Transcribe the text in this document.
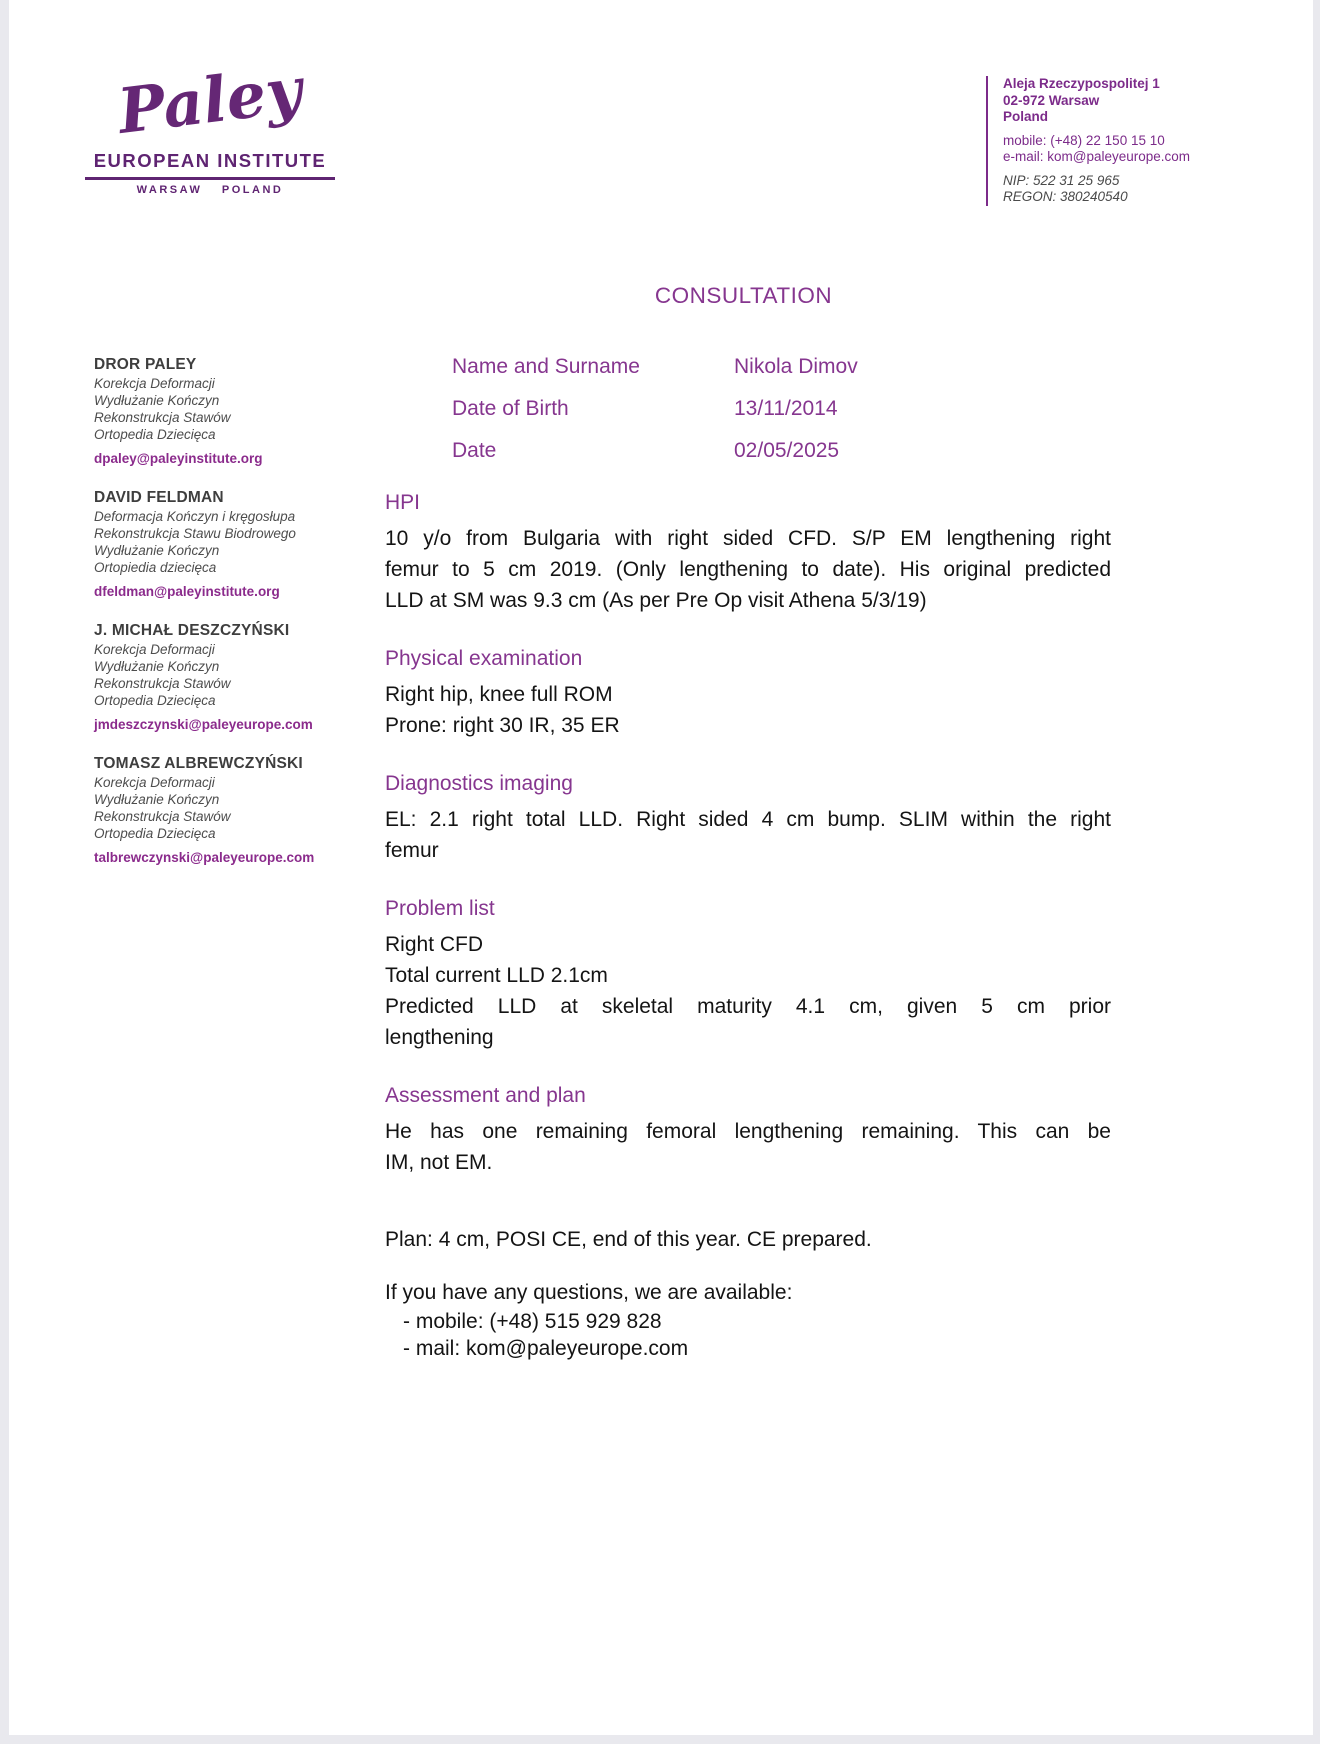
Paley
EUROPEAN INSTITUTE
WARSAW POLAND
Aleja Rzeczypospolitej 1
02-972 Warsaw
Poland
mobile: (+48) 22 150 15 10
e-mail: kom@paleyeurope.com
NIP: 522 31 25 965
REGON: 380240540
CONSULTATION
DROR PALEY
Korekcja Deformacji
Wydłużanie Kończyn
Rekonstrukcja Stawów
Ortopedia Dziecięca
dpaley@paleyinstitute.org
DAVID FELDMAN
Deformacja Kończyn i kręgosłupa
Rekonstrukcja Stawu Biodrowego
Wydłużanie Kończyn
Ortopiedia dziecięca
dfeldman@paleyinstitute.org
J. MICHAŁ DESZCZYŃSKI
Korekcja Deformacji
Wydłużanie Kończyn
Rekonstrukcja Stawów
Ortopedia Dziecięca
jmdeszczynski@paleyeurope.com
TOMASZ ALBREWCZYŃSKI
Korekcja Deformacji
Wydłużanie Kończyn
Rekonstrukcja Stawów
Ortopedia Dziecięca
talbrewczynski@paleyeurope.com
Name and Surname	Nikola Dimov
Date of Birth	13/11/2014
Date	02/05/2025
HPI
10 y/o from Bulgaria with right sided CFD. S/P EM lengthening right
femur to 5 cm 2019. (Only lengthening to date). His original predicted
LLD at SM was 9.3 cm (As per Pre Op visit Athena 5/3/19)
Physical examination
Right hip, knee full ROM
Prone: right 30 IR, 35 ER
Diagnostics imaging
EL: 2.1 right total LLD. Right sided 4 cm bump. SLIM within the right
femur
Problem list
Right CFD
Total current LLD 2.1cm
Predicted LLD at skeletal maturity 4.1 cm, given 5 cm prior
lengthening
Assessment and plan
He has one remaining femoral lengthening remaining. This can be
IM, not EM.
Plan: 4 cm, POSI CE, end of this year. CE prepared.
If you have any questions, we are available:
- mobile: (+48) 515 929 828
- mail: kom@paleyeurope.com
